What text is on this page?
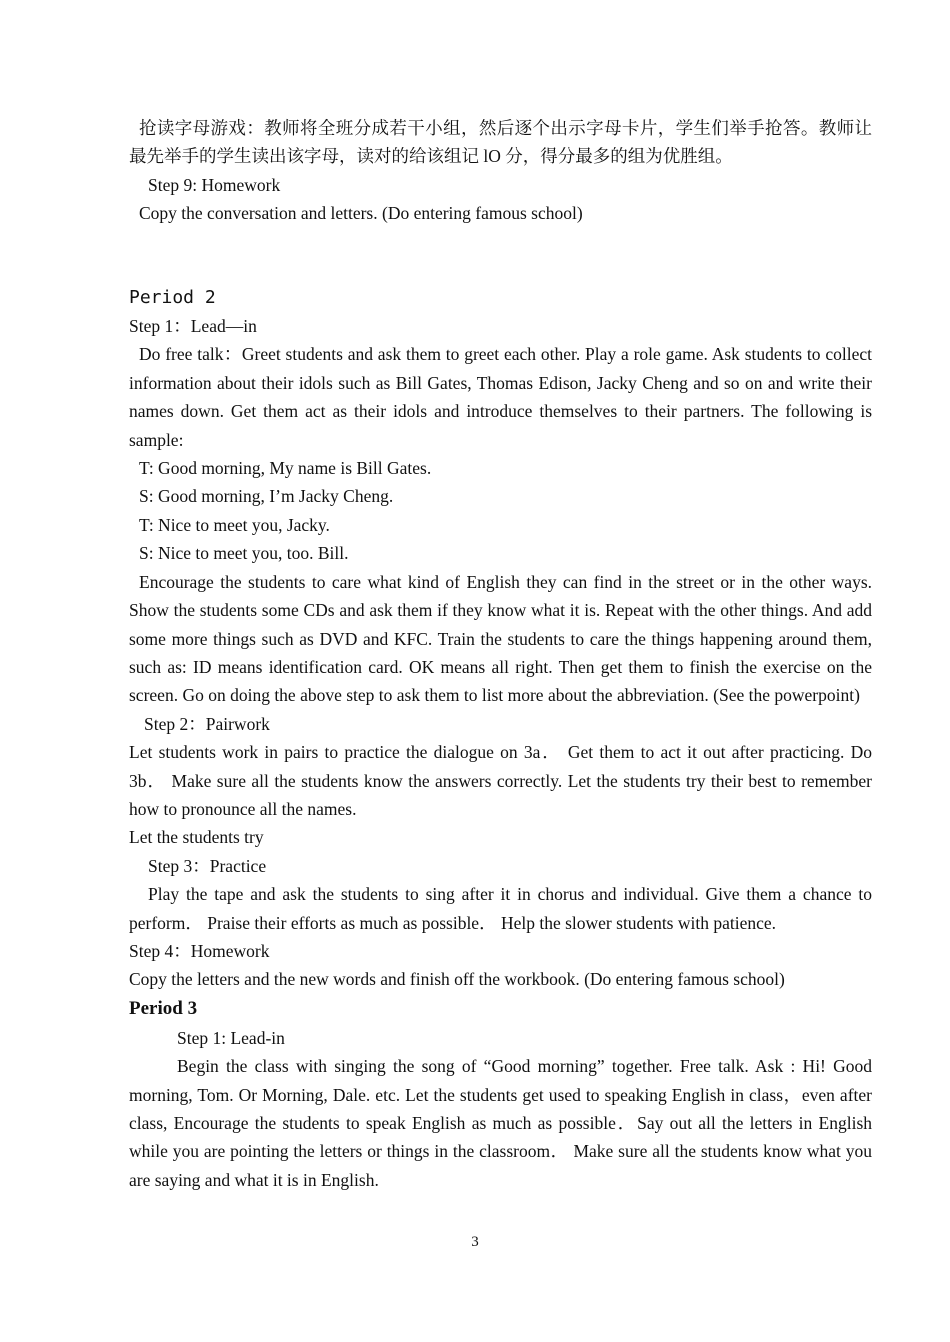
抢读字母游戏：教师将全班分成若干小组，然后逐个出示字母卡片，学生们举手抢答。教师让最先举手的学生读出该字母，读对的给该组记 lO 分，得分最多的组为优胜组。

Step 9: Homework

Copy the conversation and letters. (Do entering famous school)

Period 2

Step 1：Lead—in

Do free talk：Greet students and ask them to greet each other. Play a role game. Ask students to collect information about their idols such as Bill Gates, Thomas Edison, Jacky Cheng and so on and write their names down. Get them act as their idols and introduce themselves to their partners. The following is sample:

T: Good morning, My name is Bill Gates.

S: Good morning, I’m Jacky Cheng.

T: Nice to meet you, Jacky.

S: Nice to meet you, too. Bill.

Encourage the students to care what kind of English they can find in the street or in the other ways. Show the students some CDs and ask them if they know what it is. Repeat with the other things. And add some more things such as DVD and KFC. Train the students to care the things happening around them, such as: ID means identification card. OK means all right. Then get them to finish the exercise on the screen. Go on doing the above step to ask them to list more about the abbreviation. (See the powerpoint)

Step 2：Pairwork

Let students work in pairs to practice the dialogue on 3a． Get them to act it out after practicing. Do 3b． Make sure all the students know the answers correctly. Let the students try their best to remember how to pronounce all the names.

Let the students try

Step 3：Practice

Play the tape and ask the students to sing after it in chorus and individual. Give them a chance to perform． Praise their efforts as much as possible． Help the slower students with patience.

Step 4：Homework

Copy the letters and the new words and finish off the workbook. (Do entering famous school)

Period 3

Step 1: Lead-in

Begin the class with singing the song of “Good morning” together. Free talk. Ask : Hi! Good morning, Tom. Or Morning, Dale. etc. Let the students get used to speaking English in class，even after class, Encourage the students to speak English as much as possible．Say out all the letters in English while you are pointing the letters or things in the classroom． Make sure all the students know what you are saying and what it is in English.

3
